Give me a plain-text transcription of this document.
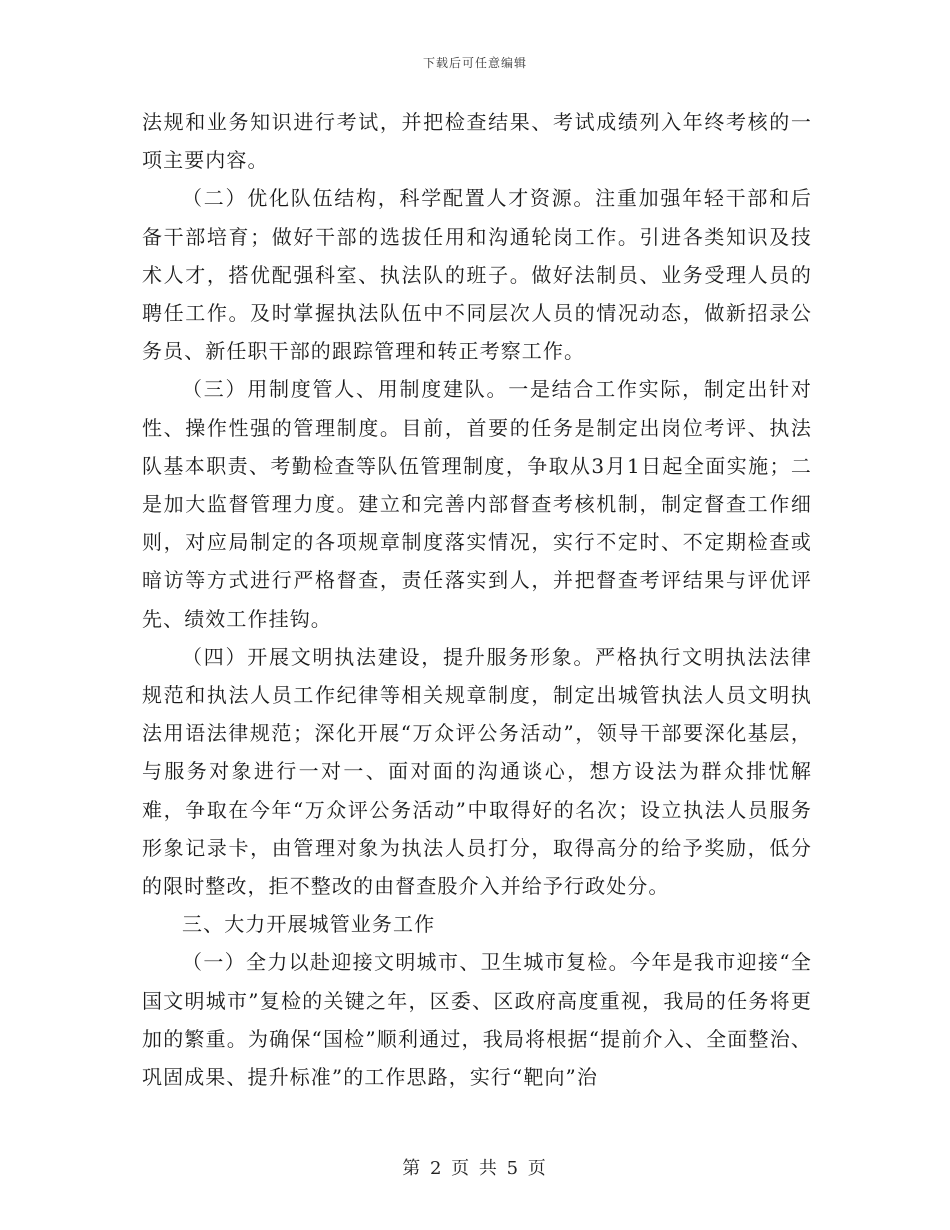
下载后可任意编辑

法规和业务知识进行考试，并把检查结果、考试成绩列入年终考核的一项主要内容。

（二）优化队伍结构，科学配置人才资源。注重加强年轻干部和后备干部培育；做好干部的选拔任用和沟通轮岗工作。引进各类知识及技术人才，搭优配强科室、执法队的班子。做好法制员、业务受理人员的聘任工作。及时掌握执法队伍中不同层次人员的情况动态，做新招录公务员、新任职干部的跟踪管理和转正考察工作。

（三）用制度管人、用制度建队。一是结合工作实际，制定出针对性、操作性强的管理制度。目前，首要的任务是制定出岗位考评、执法队基本职责、考勤检查等队伍管理制度，争取从3月1日起全面实施；二是加大监督管理力度。建立和完善内部督查考核机制，制定督查工作细则，对应局制定的各项规章制度落实情况，实行不定时、不定期检查或暗访等方式进行严格督查，责任落实到人，并把督查考评结果与评优评先、绩效工作挂钩。

（四）开展文明执法建设，提升服务形象。严格执行文明执法法律规范和执法人员工作纪律等相关规章制度，制定出城管执法人员文明执法用语法律规范；深化开展“万众评公务活动”，领导干部要深化基层，与服务对象进行一对一、面对面的沟通谈心，想方设法为群众排忧解难，争取在今年“万众评公务活动”中取得好的名次；设立执法人员服务形象记录卡，由管理对象为执法人员打分，取得高分的给予奖励，低分的限时整改，拒不整改的由督查股介入并给予行政处分。

三、大力开展城管业务工作

（一）全力以赴迎接文明城市、卫生城市复检。今年是我市迎接“全国文明城市”复检的关键之年，区委、区政府高度重视，我局的任务将更加的繁重。为确保“国检”顺利通过，我局将根据“提前介入、全面整治、巩固成果、提升标准”的工作思路，实行“靶向”治

第 2 页 共 5 页
